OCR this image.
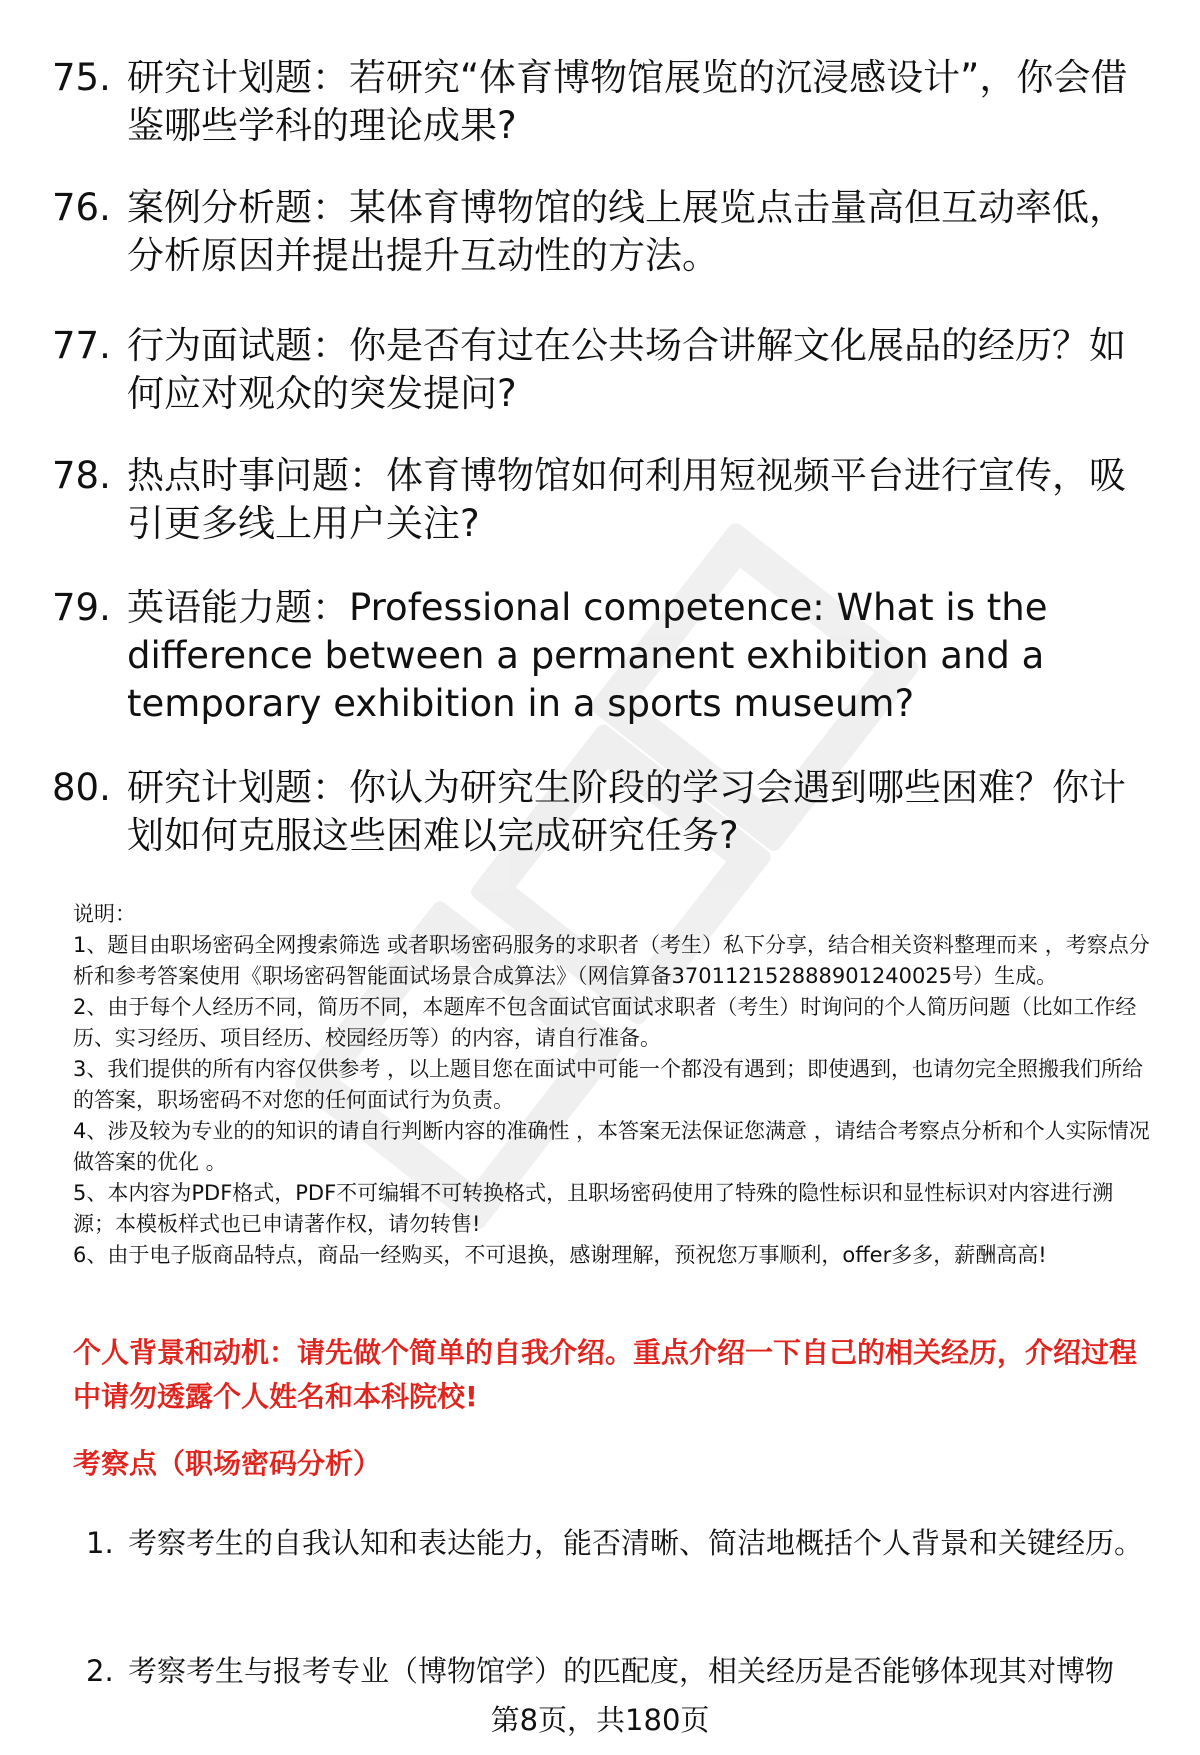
75. 研究计划题：若研究“体育博物馆展览的沉浸感设计”，你会借鉴哪些学科的理论成果?
76. 案例分析题：某体育博物馆的线上展览点击量高但互动率低，分析原因并提出提升互动性的方法。
77. 行为面试题：你是否有过在公共场合讲解文化展品的经历？如何应对观众的突发提问?
78. 热点时事问题：体育博物馆如何利用短视频平台进行宣传，吸引更多线上用户关注?
79. 英语能力题：Professional competence: What is the difference between a permanent exhibition and a temporary exhibition in a sports museum?
80. 研究计划题：你认为研究生阶段的学习会遇到哪些困难？你计划如何克服这些困难以完成研究任务?

说明：

1、题目由职场密码全网搜索筛选 或者职场密码服务的求职者（考生）私下分享，结合相关资料整理而来 ，考察点分析和参考答案使用《职场密码智能面试场景合成算法》（网信算备370112152888901240025号）生成。

2、由于每个人经历不同，简历不同，本题库不包含面试官面试求职者（考生）时询问的个人简历问题（比如工作经历、实习经历、项目经历、校园经历等）的内容，请自行准备。

3、我们提供的所有内容仅供参考 ，以上题目您在面试中可能一个都没有遇到；即使遇到，也请勿完全照搬我们所给的答案，职场密码不对您的任何面试行为负责。

4、涉及较为专业的的知识的请自行判断内容的准确性 ，本答案无法保证您满意 ，请结合考察点分析和个人实际情况做答案的优化 。

5、本内容为PDF格式，PDF不可编辑不可转换格式，且职场密码使用了特殊的隐性标识和显性标识对内容进行溯源；本模板样式也已申请著作权，请勿转售!

6、由于电子版商品特点，商品一经购买，不可退换，感谢理解，预祝您万事顺利，offer多多，薪酬高高!

个人背景和动机：请先做个简单的自我介绍。重点介绍一下自己的相关经历，介绍过程中请勿透露个人姓名和本科院校!
考察点（职场密码分析）
1. 考察考生的自我认知和表达能力，能否清晰、简洁地概括个人背景和关键经历。
2. 考察考生与报考专业（博物馆学）的匹配度，相关经历是否能够体现其对博物
第8页，共180页
